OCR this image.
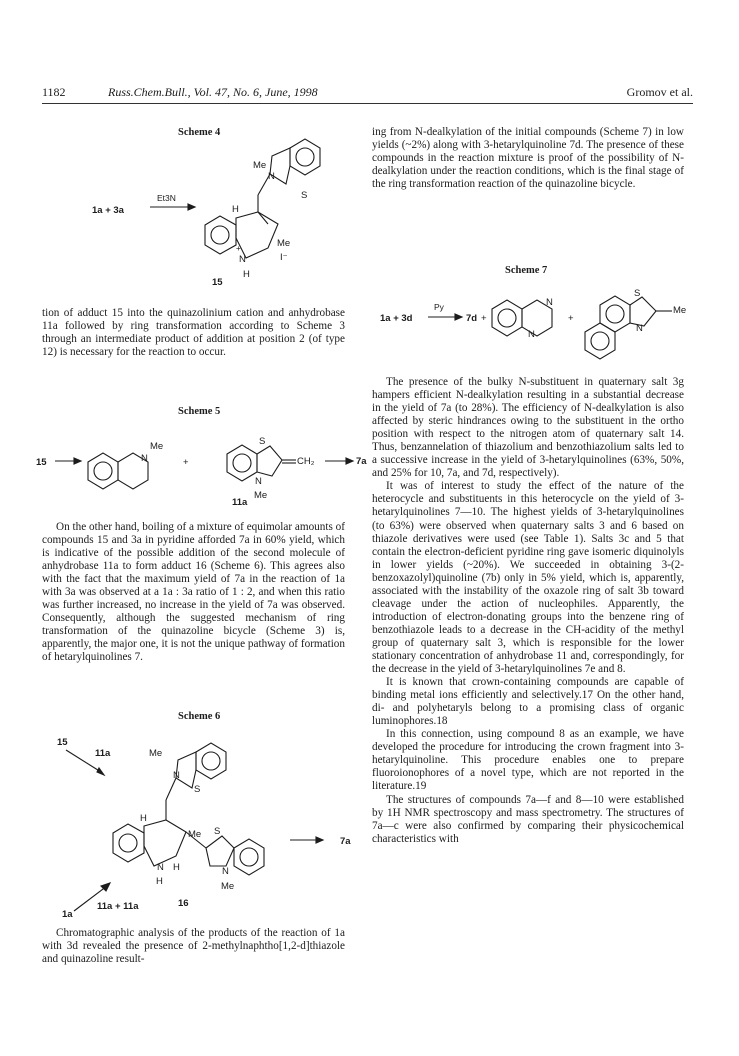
1182	Russ.Chem.Bull., Vol. 47, No. 6, June, 1998	Gromov et al.
Scheme 4
1a + 3a
Et3N
Me
S
N
H
Me
+
N	I⁻
H
15

tion of adduct 15 into the quinazolinium cation and anhydrobase 11a followed by ring transformation according to Scheme 3 through an intermediate product of addition at position 2 (of type 12) is necessary for the reaction to occur.

Scheme 5
15
Me
N	+
S
CH₂
N
Me
7a
11a

On the other hand, boiling of a mixture of equimolar amounts of compounds 15 and 3a in pyridine afforded 7a in 60% yield, which is indicative of the possible addition of the second molecule of anhydrobase 11a to form adduct 16 (Scheme 6). This agrees also with the fact that the maximum yield of 7a in the reaction of 1a with 3a was observed at a 1a : 3a ratio of 1 : 2, and when this ratio was further increased, no increase in the yield of 7a was observed. Consequently, although the suggested mechanism of ring transformation of the quinazoline bicycle (Scheme 3) is, apparently, the major one, it is not the unique pathway of formation of hetarylquinolines 7.

Scheme 6
15
11a
11a + 11a
1a
16
7a
Me
N
S
H
Me S
N H
H
N
Me

Chromatographic analysis of the products of the reaction of 1a with 3d revealed the presence of 2-methylnaphtho[1,2-d]thiazole and quinazoline result-

ing from N-dealkylation of the initial compounds (Scheme 7) in low yields (~2%) along with 3-hetarylquinoline 7d. The presence of these compounds in the reaction mixture is proof of the possibility of N-dealkylation under the reaction conditions, which is the final stage of the ring transformation reaction of the quinazoline bicycle.

Scheme 7
1a + 3d
Py
7d +	+
N
N
S
N
Me

The presence of the bulky N-substituent in quaternary salt 3g hampers efficient N-dealkylation resulting in a substantial decrease in the yield of 7a (to 28%). The efficiency of N-dealkylation is also affected by steric hindrances owing to the substituent in the ortho position with respect to the nitrogen atom of quaternary salt 14. Thus, benzannelation of thiazolium and benzothiazolium salts led to a successive increase in the yield of 3-hetarylquinolines (63%, 50%, and 25% for 10, 7a, and 7d, respectively).

It was of interest to study the effect of the nature of the heterocycle and substituents in this heterocycle on the yield of 3-hetarylquinolines 7—10. The highest yields of 3-hetarylquinolines (to 63%) were observed when quaternary salts 3 and 6 based on thiazole derivatives were used (see Table 1). Salts 3c and 5 that contain the electron-deficient pyridine ring gave isomeric diquinolyls in lower yields (~20%). We succeeded in obtaining 3-(2-benzoxazolyl)quinoline (7b) only in 5% yield, which is, apparently, associated with the instability of the oxazole ring of salt 3b toward cleavage under the action of nucleophiles. Apparently, the introduction of electron-donating groups into the benzene ring of benzothiazole leads to a decrease in the CH-acidity of the methyl group of quaternary salt 3, which is responsible for the lower stationary concentration of anhydrobase 11 and, correspondingly, for the decrease in the yield of 3-hetarylquinolines 7e and 8.

It is known that crown-containing compounds are capable of binding metal ions efficiently and selectively.17 On the other hand, di- and polyhetaryls belong to a promising class of organic luminophores.18

In this connection, using compound 8 as an example, we have developed the procedure for introducing the crown fragment into 3-hetarylquinoline. This procedure enables one to prepare fluoroionophores of a novel type, which are not reported in the literature.19

The structures of compounds 7a—f and 8—10 were established by 1H NMR spectroscopy and mass spectrometry. The structures of 7a—c were also confirmed by comparing their physicochemical characteristics with
